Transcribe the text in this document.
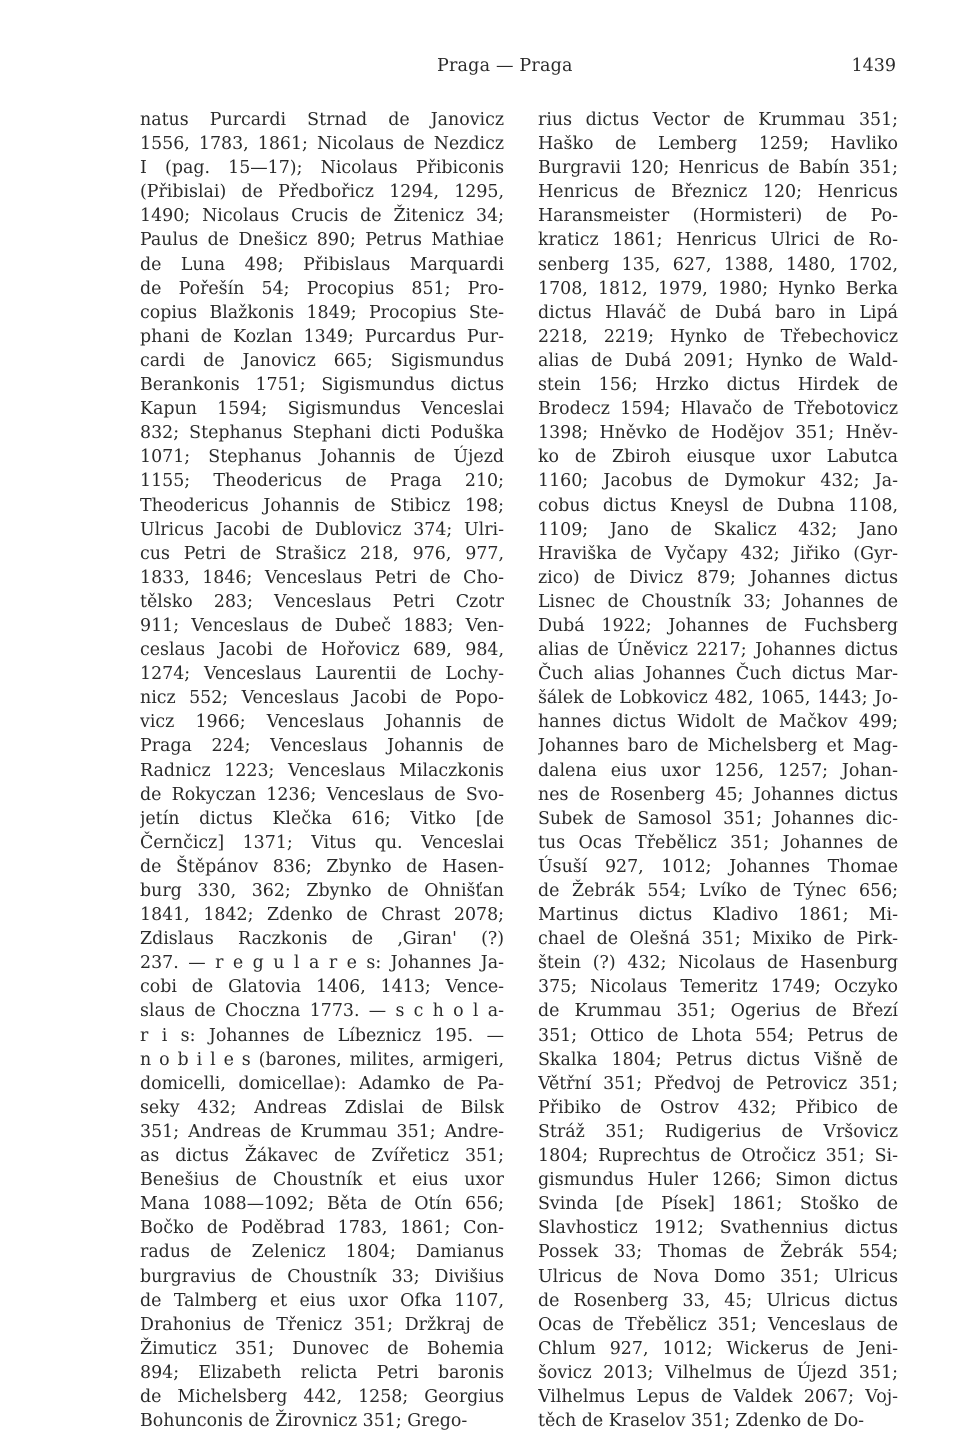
Praga — Praga	1439
natus Purcardi Strnad de Janovicz
1556, 1783, 1861; Nicolaus de Nezdicz
I (pag. 15—17); Nicolaus Přibiconis
(Přibislai) de Předbořicz 1294, 1295,
1490; Nicolaus Crucis de Žitenicz 34;
Paulus de Dnešicz 890; Petrus Mathiae
de Luna 498; Přibislaus Marquardi
de Pořešín 54; Procopius 851; Pro-
copius Blažkonis 1849; Procopius Ste-
phani de Kozlan 1349; Purcardus Pur-
cardi de Janovicz 665; Sigismundus
Berankonis 1751; Sigismundus dictus
Kapun 1594; Sigismundus Venceslai
832; Stephanus Stephani dicti Poduška
1071; Stephanus Johannis de Újezd
1155; Theodericus de Praga 210;
Theodericus Johannis de Stibicz 198;
Ulricus Jacobi de Dublovicz 374; Ulri-
cus Petri de Strašicz 218, 976, 977,
1833, 1846; Venceslaus Petri de Cho-
tělsko 283; Venceslaus Petri Czotr
911; Venceslaus de Dubeč 1883; Ven-
ceslaus Jacobi de Hořovicz 689, 984,
1274; Venceslaus Laurentii de Lochy-
nicz 552; Venceslaus Jacobi de Popo-
vicz 1966; Venceslaus Johannis de
Praga 224; Venceslaus Johannis de
Radnicz 1223; Venceslaus Milaczkonis
de Rokyczan 1236; Venceslaus de Svo-
jetín dictus Klečka 616; Vitko [de
Černčicz] 1371; Vitus qu. Venceslai
de Štěpánov 836; Zbynko de Hasen-
burg 330, 362; Zbynko de Ohnišťan
1841, 1842; Zdenko de Chrast 2078;
Zdislaus Raczkonis de ‚Giran' (?)
237. — r e g u l a r e s: Johannes Ja-
cobi de Glatovia 1406, 1413; Vence-
slaus de Choczna 1773. — s c h o l a-
r i s: Johannes de Líbeznicz 195. —
n o b i l e s (barones, milites, armigeri,
domicelli, domicellae): Adamko de Pa-
seky 432; Andreas Zdislai de Bilsk
351; Andreas de Krummau 351; Andre-
as dictus Žákavec de Zvířeticz 351;
Benešius de Choustník et eius uxor
Mana 1088—1092; Běta de Otín 656;
Bočko de Poděbrad 1783, 1861; Con-
radus de Zelenicz 1804; Damianus
burgravius de Choustník 33; Divišius
de Talmberg et eius uxor Ofka 1107,
Drahonius de Třenicz 351; Držkraj de
Žimuticz 351; Dunovec de Bohemia
894; Elizabeth relicta Petri baronis
de Michelsberg 442, 1258; Georgius
Bohunconis de Žirovnicz 351; Grego-
rius dictus Vector de Krummau 351;
Haško de Lemberg 1259; Havliko
Burgravii 120; Henricus de Babín 351;
Henricus de Březnicz 120; Henricus
Haransmeister (Hormisteri) de Po-
kraticz 1861; Henricus Ulrici de Ro-
senberg 135, 627, 1388, 1480, 1702,
1708, 1812, 1979, 1980; Hynko Berka
dictus Hlaváč de Dubá baro in Lipá
2218, 2219; Hynko de Třebechovicz
alias de Dubá 2091; Hynko de Wald-
stein 156; Hrzko dictus Hirdek de
Brodecz 1594; Hlavačo de Třebotovicz
1398; Hněvko de Hodějov 351; Hněv-
ko de Zbiroh eiusque uxor Labutca
1160; Jacobus de Dymokur 432; Ja-
cobus dictus Kneysl de Dubna 1108,
1109; Jano de Skalicz 432; Jano
Hraviška de Vyčapy 432; Jiřiko (Gyr-
zico) de Divicz 879; Johannes dictus
Lisnec de Choustník 33; Johannes de
Dubá 1922; Johannes de Fuchsberg
alias de Úněvicz 2217; Johannes dictus
Čuch alias Johannes Čuch dictus Mar-
šálek de Lobkovicz 482, 1065, 1443; Jo-
hannes dictus Widolt de Mačkov 499;
Johannes baro de Michelsberg et Mag-
dalena eius uxor 1256, 1257; Johan-
nes de Rosenberg 45; Johannes dictus
Subek de Samosol 351; Johannes dic-
tus Ocas Třebělicz 351; Johannes de
Úsuší 927, 1012; Johannes Thomae
de Žebrák 554; Lvíko de Týnec 656;
Martinus dictus Kladivo 1861; Mi-
chael de Olešná 351; Mixiko de Pirk-
štein (?) 432; Nicolaus de Hasenburg
375; Nicolaus Temeritz 1749; Oczyko
de Krummau 351; Ogerius de Březí
351; Ottico de Lhota 554; Petrus de
Skalka 1804; Petrus dictus Višně de
Větřní 351; Předvoj de Petrovicz 351;
Přibiko de Ostrov 432; Přibico de
Stráž 351; Rudigerius de Vršovicz
1804; Ruprechtus de Otročicz 351; Si-
gismundus Huler 1266; Simon dictus
Svinda [de Písek] 1861; Stoško de
Slavhosticz 1912; Svathennius dictus
Possek 33; Thomas de Žebrák 554;
Ulricus de Nova Domo 351; Ulricus
de Rosenberg 33, 45; Ulricus dictus
Ocas de Třebělicz 351; Venceslaus de
Chlum 927, 1012; Wickerus de Jeni-
šovicz 2013; Vilhelmus de Újezd 351;
Vilhelmus Lepus de Valdek 2067; Voj-
těch de Kraselov 351; Zdenko de Do-
